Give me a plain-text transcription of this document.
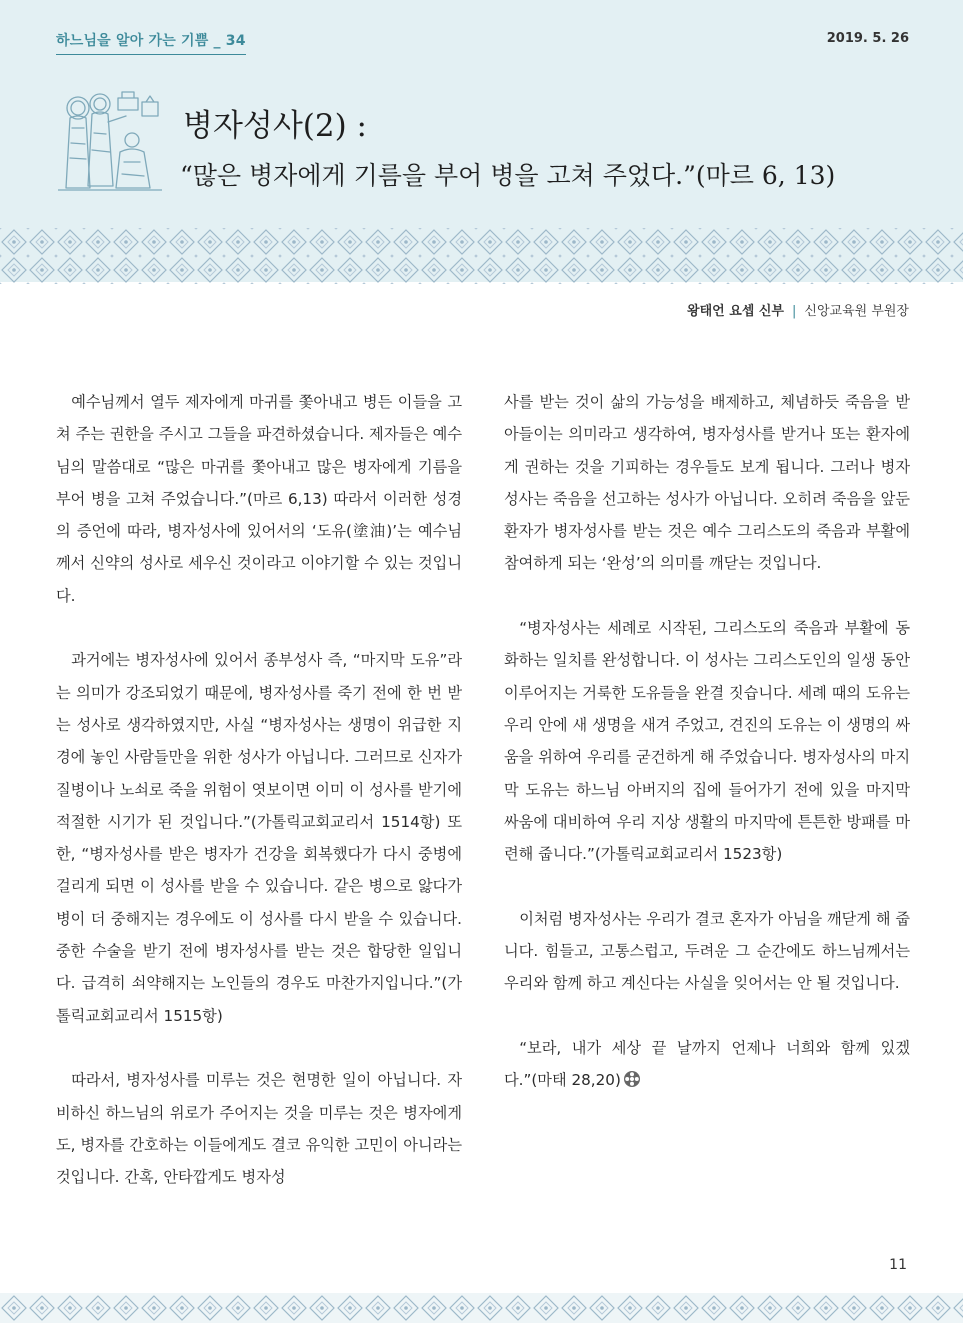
하느님을 알아 가는 기쁨 _ 34	2019. 5. 26
병자성사(2) :
“많은 병자에게 기름을 부어 병을 고쳐 주었다.”(마르 6, 13)
왕태언 요셉 신부 | 신앙교육원 부원장

예수님께서 열두 제자에게 마귀를 쫓아내고 병든 이들을 고쳐 주는 권한을 주시고 그들을 파견하셨습니다. 제자들은 예수님의 말씀대로 “많은 마귀를 쫓아내고 많은 병자에게 기름을 부어 병을 고쳐 주었습니다.”(마르 6,13) 따라서 이러한 성경의 증언에 따라, 병자성사에 있어서의 ‘도유(塗油)’는 예수님께서 신약의 성사로 세우신 것이라고 이야기할 수 있는 것입니다.

과거에는 병자성사에 있어서 종부성사 즉, “마지막 도유”라는 의미가 강조되었기 때문에, 병자성사를 죽기 전에 한 번 받는 성사로 생각하였지만, 사실 “병자성사는 생명이 위급한 지경에 놓인 사람들만을 위한 성사가 아닙니다. 그러므로 신자가 질병이나 노쇠로 죽을 위험이 엿보이면 이미 이 성사를 받기에 적절한 시기가 된 것입니다.”(가톨릭교회교리서 1514항) 또한, “병자성사를 받은 병자가 건강을 회복했다가 다시 중병에 걸리게 되면 이 성사를 받을 수 있습니다. 같은 병으로 앓다가 병이 더 중해지는 경우에도 이 성사를 다시 받을 수 있습니다. 중한 수술을 받기 전에 병자성사를 받는 것은 합당한 일입니다. 급격히 쇠약해지는 노인들의 경우도 마찬가지입니다.”(가톨릭교회교리서 1515항)

따라서, 병자성사를 미루는 것은 현명한 일이 아닙니다. 자비하신 하느님의 위로가 주어지는 것을 미루는 것은 병자에게도, 병자를 간호하는 이들에게도 결코 유익한 고민이 아니라는 것입니다. 간혹, 안타깝게도 병자성

사를 받는 것이 삶의 가능성을 배제하고, 체념하듯 죽음을 받아들이는 의미라고 생각하여, 병자성사를 받거나 또는 환자에게 권하는 것을 기피하는 경우들도 보게 됩니다. 그러나 병자성사는 죽음을 선고하는 성사가 아닙니다. 오히려 죽음을 앞둔 환자가 병자성사를 받는 것은 예수 그리스도의 죽음과 부활에 참여하게 되는 ‘완성’의 의미를 깨닫는 것입니다.

“병자성사는 세례로 시작된, 그리스도의 죽음과 부활에 동화하는 일치를 완성합니다. 이 성사는 그리스도인의 일생 동안 이루어지는 거룩한 도유들을 완결 짓습니다. 세례 때의 도유는 우리 안에 새 생명을 새겨 주었고, 견진의 도유는 이 생명의 싸움을 위하여 우리를 굳건하게 해 주었습니다. 병자성사의 마지막 도유는 하느님 아버지의 집에 들어가기 전에 있을 마지막 싸움에 대비하여 우리 지상 생활의 마지막에 튼튼한 방패를 마련해 줍니다.”(가톨릭교회교리서 1523항)

이처럼 병자성사는 우리가 결코 혼자가 아님을 깨닫게 해 줍니다. 힘들고, 고통스럽고, 두려운 그 순간에도 하느님께서는 우리와 함께 하고 계신다는 사실을 잊어서는 안 될 것입니다.

“보라, 내가 세상 끝 날까지 언제나 너희와 함께 있겠다.”(마태 28,20)

11
